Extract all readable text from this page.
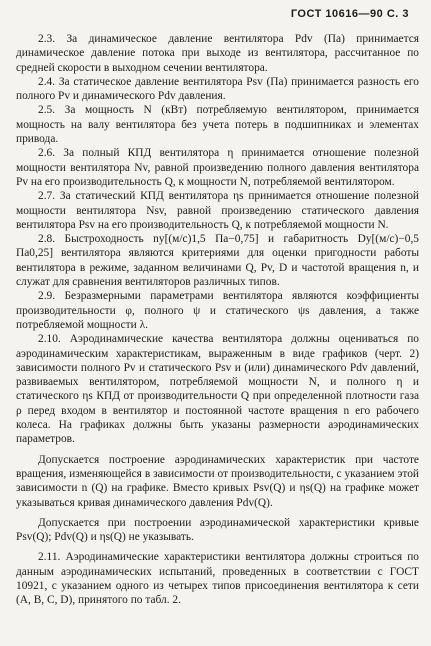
ГОСТ 10616—90 С. 3

2.3. За динамическое давление вентилятора Pdv (Па) принимается динамическое давление потока при выходе из вентилятора, рассчитанное по средней скорости в выходном сечении вентилятора.

2.4. За статическое давление вентилятора Psv (Па) принимается разность его полного Pv и динамического Pdv давления.

2.5. За мощность N (кВт) потребляемую вентилятором, принимается мощность на валу вентилятора без учета потерь в подшипниках и элементах привода.

2.6. За полный КПД вентилятора η принимается отношение полезной мощности вентилятора Nv, равной произведению полного давления вентилятора Pv на его производительность Q, к мощности N, потребляемой вентилятором.

2.7. За статический КПД вентилятора ηs принимается отношение полезной мощности вентилятора Nsv, равной произведению статического давления вентилятора Psv на его производительность Q, к потребляемой мощности N.

2.8. Быстроходность ny[(м/с)1,5 Па−0,75] и габаритность Dy[(м/с)−0,5 Па0,25] вентилятора являются критериями для оценки пригодности работы вентилятора в режиме, заданном величинами Q, Pv, D и частотой вращения n, и служат для сравнения вентиляторов различных типов.

2.9. Безразмерными параметрами вентилятора являются коэффициенты производительности φ, полного ψ и статического ψs давления, а также потребляемой мощности λ.

2.10. Аэродинамические качества вентилятора должны оцениваться по аэродинамическим характеристикам, выраженным в виде графиков (черт. 2) зависимости полного Pv и статического Psv и (или) динамического Pdv давлений, развиваемых вентилятором, потребляемой мощности N, и полного η и статического ηs КПД от производительности Q при определенной плотности газа ρ перед входом в вентилятор и постоянной частоте вращения n его рабочего колеса. На графиках должны быть указаны размерности аэродинамических параметров.

Допускается построение аэродинамических характеристик при частоте вращения, изменяющейся в зависимости от производительности, с указанием этой зависимости n (Q) на графике. Вместо кривых Psv(Q) и ηs(Q) на графике может указываться кривая динамического давления Pdv(Q).

Допускается при построении аэродинамической характеристики кривые Psv(Q); Pdv(Q) и ηs(Q) не указывать.

2.11. Аэродинамические характеристики вентилятора должны строиться по данным аэродинамических испытаний, проведенных в соответствии с ГОСТ 10921, с указанием одного из четырех типов присоединения вентилятора к сети (А, В, С, D), принятого по табл. 2.
